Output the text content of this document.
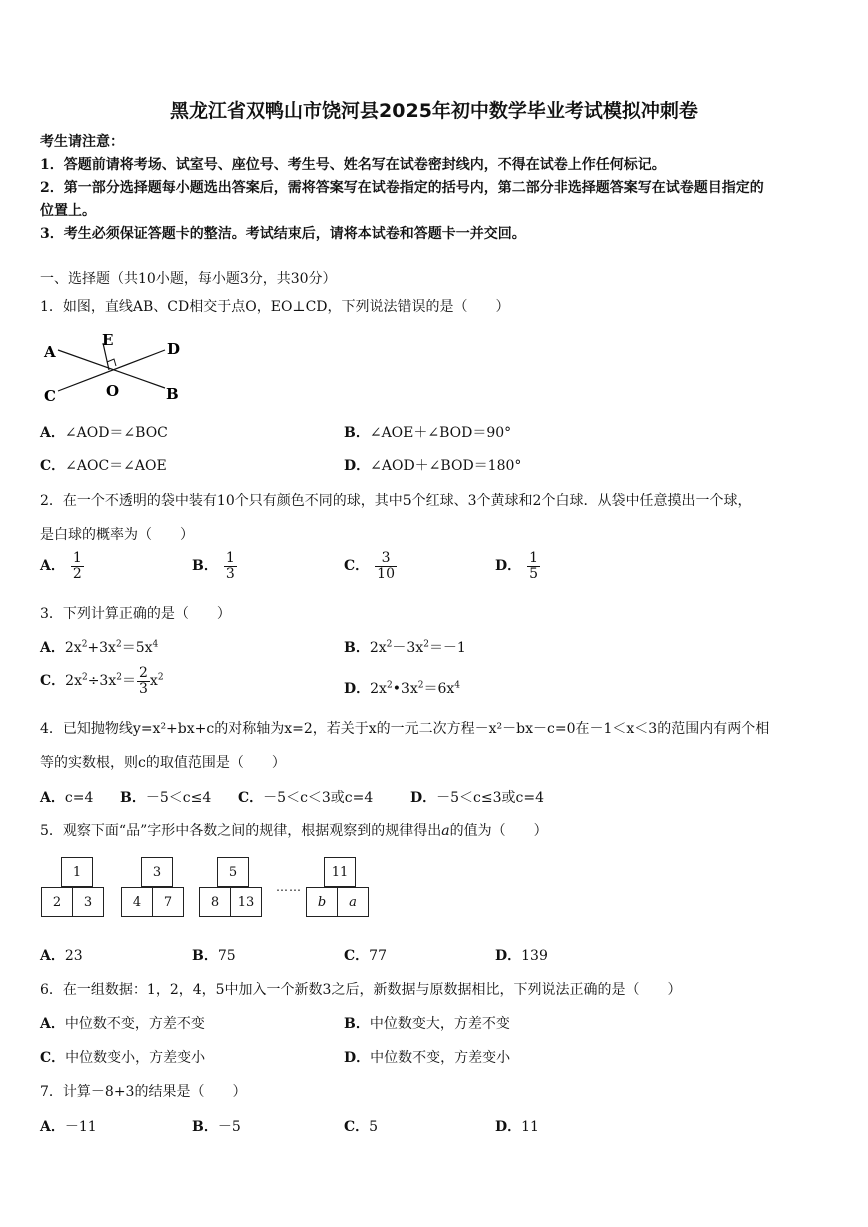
黑龙江省双鸭山市饶河县2025年初中数学毕业考试模拟冲刺卷
考生请注意：
1．答题前请将考场、试室号、座位号、考生号、姓名写在试卷密封线内，不得在试卷上作任何标记。
2．第一部分选择题每小题选出答案后，需将答案写在试卷指定的括号内，第二部分非选择题答案写在试卷题目指定的
位置上。
3．考生必须保证答题卡的整洁。考试结束后，请将本试卷和答题卡一并交回。
一、选择题（共10小题，每小题3分，共30分）
1．如图，直线AB、CD相交于点O，EO⊥CD，下列说法错误的是（　　）
A	D
E
C	O	B
A．∠AOD＝∠BOC	B．∠AOE＋∠BOD＝90°
C．∠AOC＝∠AOE	D．∠AOD＋∠BOD＝180°
2．在一个不透明的袋中装有10个只有颜色不同的球，其中5个红球、3个黄球和2个白球．从袋中任意摸出一个球，
是白球的概率为（　　）
A． $\frac{1}{2}$	B． $\frac{1}{3}$	C． $\frac{3}{10}$	D． $\frac{1}{5}$
3．下列计算正确的是（　　）
A．$2x^2+3x^2=5x^4$	B．$2x^2-3x^2=-1$
C．$2x^2\div 3x^2= \frac{2}{3} x^2$
D．$2x^2•3x^2=6x^4$
4．已知抛物线y=x²+bx+c的对称轴为x=2，若关于x的一元二次方程－x²－bx－c=0在－1＜x＜3的范围内有两个相
等的实数根，则c的取值范围是（　　）
A．c=4 B．－5＜c≤4 C．－5＜c＜3或c=4	D．－5＜c≤3或c=4
5．观察下面“品”字形中各数之间的规律，根据观察到的规律得出a的值为（　　）
1
2	3
3
4	7
5
8	13
……
11
b	a
A．23	B．75	C．77	D．139
6．在一组数据：1，2，4，5中加入一个新数3之后，新数据与原数据相比，下列说法正确的是（　　）
A．中位数不变，方差不变	B．中位数变大，方差不变
C．中位数变小，方差变小	D．中位数不变，方差变小
7．计算－8+3的结果是（　　）
A．－11	B．－5	C．5	D．11
